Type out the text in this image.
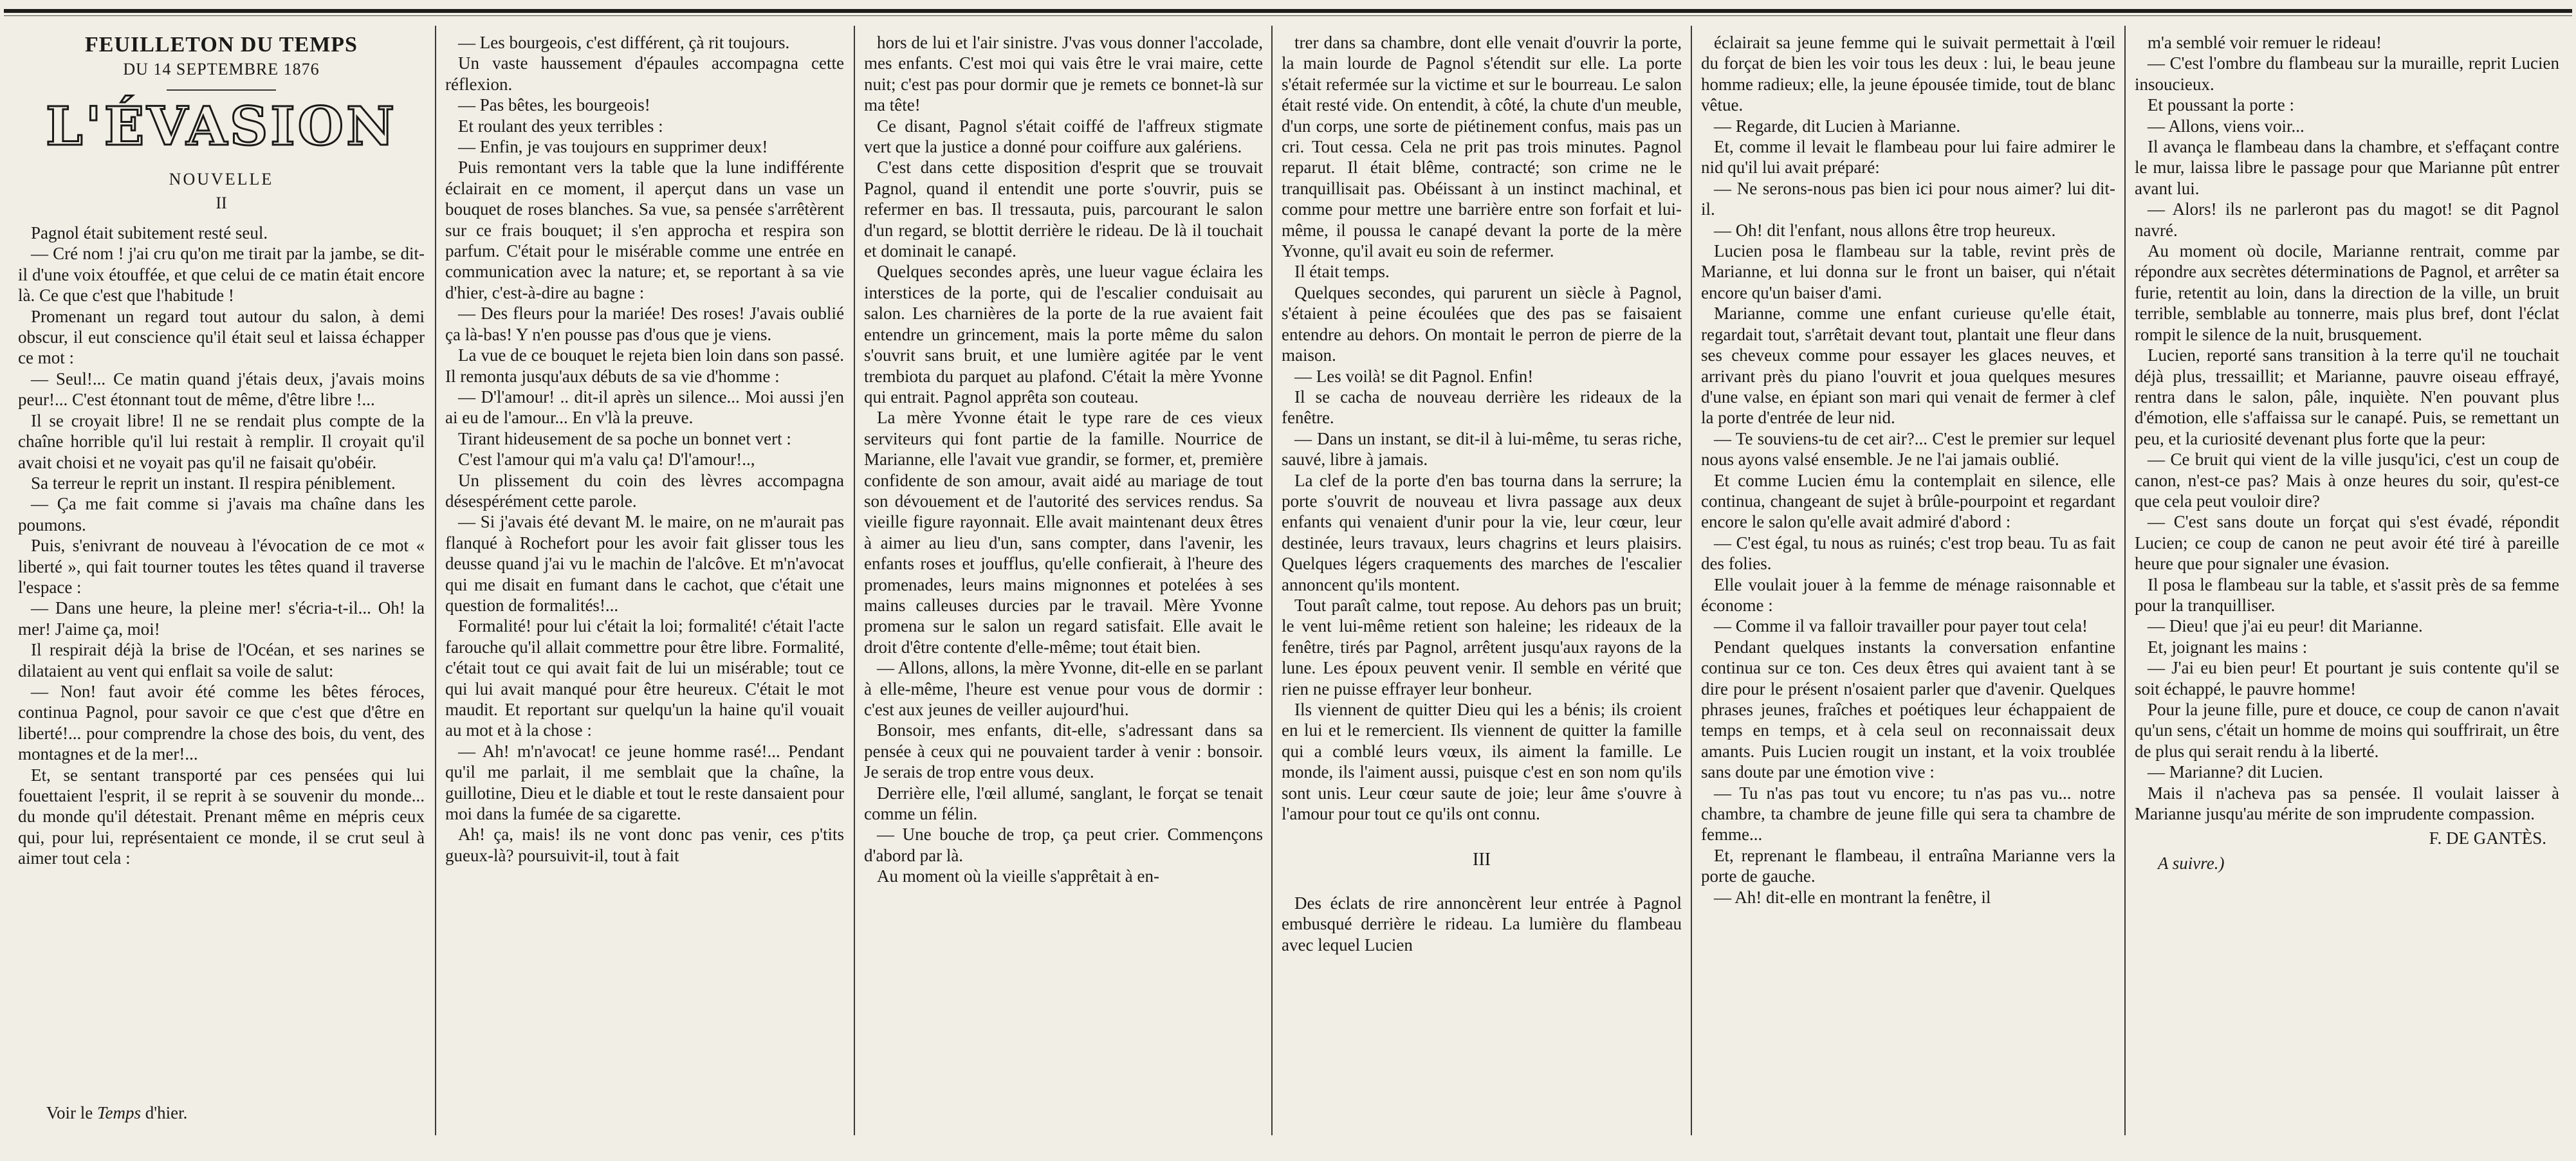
FEUILLETON DU TEMPS
DU 14 SEPTEMBRE 1876
L'ÉVASION
NOUVELLE
II

Pagnol était subitement resté seul.

— Cré nom ! j'ai cru qu'on me tirait par la jambe, se dit-il d'une voix étouffée, et que celui de ce matin était encore là. Ce que c'est que l'habitude !

Promenant un regard tout autour du salon, à demi obscur, il eut conscience qu'il était seul et laissa échapper ce mot :

— Seul!... Ce matin quand j'étais deux, j'avais moins peur!... C'est étonnant tout de même, d'être libre !...

Il se croyait libre! Il ne se rendait plus compte de la chaîne horrible qu'il lui restait à remplir. Il croyait qu'il avait choisi et ne voyait pas qu'il ne faisait qu'obéir.

Sa terreur le reprit un instant. Il respira péniblement.

— Ça me fait comme si j'avais ma chaîne dans les poumons.

Puis, s'enivrant de nouveau à l'évocation de ce mot « liberté », qui fait tourner toutes les têtes quand il traverse l'espace :

— Dans une heure, la pleine mer! s'écria-t-il... Oh! la mer! J'aime ça, moi!

Il respirait déjà la brise de l'Océan, et ses narines se dilataient au vent qui enflait sa voile de salut:

— Non! faut avoir été comme les bêtes féroces, continua Pagnol, pour savoir ce que c'est que d'être en liberté!... pour comprendre la chose des bois, du vent, des montagnes et de la mer!...

Et, se sentant transporté par ces pensées qui lui fouettaient l'esprit, il se reprit à se souvenir du monde... du monde qu'il détestait. Prenant même en mépris ceux qui, pour lui, représentaient ce monde, il se crut seul à aimer tout cela :

— Les bourgeois, c'est différent, çà rit toujours.

Un vaste haussement d'épaules accompagna cette réflexion.

— Pas bêtes, les bourgeois!

Et roulant des yeux terribles :

— Enfin, je vas toujours en supprimer deux!

Puis remontant vers la table que la lune indifférente éclairait en ce moment, il aperçut dans un vase un bouquet de roses blanches. Sa vue, sa pensée s'arrêtèrent sur ce frais bouquet; il s'en approcha et respira son parfum. C'était pour le misérable comme une entrée en communication avec la nature; et, se reportant à sa vie d'hier, c'est-à-dire au bagne :

— Des fleurs pour la mariée! Des roses! J'avais oublié ça là-bas! Y n'en pousse pas d'ous que je viens.

La vue de ce bouquet le rejeta bien loin dans son passé. Il remonta jusqu'aux débuts de sa vie d'homme :

— D'l'amour! .. dit-il après un silence... Moi aussi j'en ai eu de l'amour... En v'là la preuve.

Tirant hideusement de sa poche un bonnet vert :

C'est l'amour qui m'a valu ça! D'l'amour!..,

Un plissement du coin des lèvres accompagna désespérément cette parole.

— Si j'avais été devant M. le maire, on ne m'aurait pas flanqué à Rochefort pour les avoir fait glisser tous les deusse quand j'ai vu le machin de l'alcôve. Et m'n'avocat qui me disait en fumant dans le cachot, que c'était une question de formalités!...

Formalité! pour lui c'était la loi; formalité! c'était l'acte farouche qu'il allait commettre pour être libre. Formalité, c'était tout ce qui avait fait de lui un misérable; tout ce qui lui avait manqué pour être heureux. C'était le mot maudit. Et reportant sur quelqu'un la haine qu'il vouait au mot et à la chose :

— Ah! m'n'avocat! ce jeune homme rasé!... Pendant qu'il me parlait, il me semblait que la chaîne, la guillotine, Dieu et le diable et tout le reste dansaient pour moi dans la fumée de sa cigarette.

Ah! ça, mais! ils ne vont donc pas venir, ces p'tits gueux-là? poursuivit-il, tout à fait

hors de lui et l'air sinistre. J'vas vous donner l'accolade, mes enfants. C'est moi qui vais être le vrai maire, cette nuit; c'est pas pour dormir que je remets ce bonnet-là sur ma tête!

Ce disant, Pagnol s'était coiffé de l'affreux stigmate vert que la justice a donné pour coiffure aux galériens.

C'est dans cette disposition d'esprit que se trouvait Pagnol, quand il entendit une porte s'ouvrir, puis se refermer en bas. Il tressauta, puis, parcourant le salon d'un regard, se blottit derrière le rideau. De là il touchait et dominait le canapé.

Quelques secondes après, une lueur vague éclaira les interstices de la porte, qui de l'escalier conduisait au salon. Les charnières de la porte de la rue avaient fait entendre un grincement, mais la porte même du salon s'ouvrit sans bruit, et une lumière agitée par le vent trembiota du parquet au plafond. C'était la mère Yvonne qui entrait. Pagnol apprêta son couteau.

La mère Yvonne était le type rare de ces vieux serviteurs qui font partie de la famille. Nourrice de Marianne, elle l'avait vue grandir, se former, et, première confidente de son amour, avait aidé au mariage de tout son dévouement et de l'autorité des services rendus. Sa vieille figure rayonnait. Elle avait maintenant deux êtres à aimer au lieu d'un, sans compter, dans l'avenir, les enfants roses et joufflus, qu'elle confierait, à l'heure des promenades, leurs mains mignonnes et potelées à ses mains calleuses durcies par le travail. Mère Yvonne promena sur le salon un regard satisfait. Elle avait le droit d'être contente d'elle-même; tout était bien.

— Allons, allons, la mère Yvonne, dit-elle en se parlant à elle-même, l'heure est venue pour vous de dormir : c'est aux jeunes de veiller aujourd'hui.

Bonsoir, mes enfants, dit-elle, s'adressant dans sa pensée à ceux qui ne pouvaient tarder à venir : bonsoir. Je serais de trop entre vous deux.

Derrière elle, l'œil allumé, sanglant, le forçat se tenait comme un félin.

— Une bouche de trop, ça peut crier. Commençons d'abord par là.

Au moment où la vieille s'apprêtait à en-

trer dans sa chambre, dont elle venait d'ouvrir la porte, la main lourde de Pagnol s'étendit sur elle. La porte s'était refermée sur la victime et sur le bourreau. Le salon était resté vide. On entendit, à côté, la chute d'un meuble, d'un corps, une sorte de piétinement confus, mais pas un cri. Tout cessa. Cela ne prit pas trois minutes. Pagnol reparut. Il était blême, contracté; son crime ne le tranquillisait pas. Obéissant à un instinct machinal, et comme pour mettre une barrière entre son forfait et lui-même, il poussa le canapé devant la porte de la mère Yvonne, qu'il avait eu soin de refermer.

Il était temps.

Quelques secondes, qui parurent un siècle à Pagnol, s'étaient à peine écoulées que des pas se faisaient entendre au dehors. On montait le perron de pierre de la maison.

— Les voilà! se dit Pagnol. Enfin!

Il se cacha de nouveau derrière les rideaux de la fenêtre.

— Dans un instant, se dit-il à lui-même, tu seras riche, sauvé, libre à jamais.

La clef de la porte d'en bas tourna dans la serrure; la porte s'ouvrit de nouveau et livra passage aux deux enfants qui venaient d'unir pour la vie, leur cœur, leur destinée, leurs travaux, leurs chagrins et leurs plaisirs. Quelques légers craquements des marches de l'escalier annoncent qu'ils montent.

Tout paraît calme, tout repose. Au dehors pas un bruit; le vent lui-même retient son haleine; les rideaux de la fenêtre, tirés par Pagnol, arrêtent jusqu'aux rayons de la lune. Les époux peuvent venir. Il semble en vérité que rien ne puisse effrayer leur bonheur.

Ils viennent de quitter Dieu qui les a bénis; ils croient en lui et le remercient. Ils viennent de quitter la famille qui a comblé leurs vœux, ils aiment la famille. Le monde, ils l'aiment aussi, puisque c'est en son nom qu'ils sont unis. Leur cœur saute de joie; leur âme s'ouvre à l'amour pour tout ce qu'ils ont connu.

III

Des éclats de rire annoncèrent leur entrée à Pagnol embusqué derrière le rideau. La lumière du flambeau avec lequel Lucien

éclairait sa jeune femme qui le suivait permettait à l'œil du forçat de bien les voir tous les deux : lui, le beau jeune homme radieux; elle, la jeune épousée timide, tout de blanc vêtue.

— Regarde, dit Lucien à Marianne.

Et, comme il levait le flambeau pour lui faire admirer le nid qu'il lui avait préparé:

— Ne serons-nous pas bien ici pour nous aimer? lui dit-il.

— Oh! dit l'enfant, nous allons être trop heureux.

Lucien posa le flambeau sur la table, revint près de Marianne, et lui donna sur le front un baiser, qui n'était encore qu'un baiser d'ami.

Marianne, comme une enfant curieuse qu'elle était, regardait tout, s'arrêtait devant tout, plantait une fleur dans ses cheveux comme pour essayer les glaces neuves, et arrivant près du piano l'ouvrit et joua quelques mesures d'une valse, en épiant son mari qui venait de fermer à clef la porte d'entrée de leur nid.

— Te souviens-tu de cet air?... C'est le premier sur lequel nous ayons valsé ensemble. Je ne l'ai jamais oublié.

Et comme Lucien ému la contemplait en silence, elle continua, changeant de sujet à brûle-pourpoint et regardant encore le salon qu'elle avait admiré d'abord :

— C'est égal, tu nous as ruinés; c'est trop beau. Tu as fait des folies.

Elle voulait jouer à la femme de ménage raisonnable et économe :

— Comme il va falloir travailler pour payer tout cela!

Pendant quelques instants la conversation enfantine continua sur ce ton. Ces deux êtres qui avaient tant à se dire pour le présent n'osaient parler que d'avenir. Quelques phrases jeunes, fraîches et poétiques leur échappaient de temps en temps, et à cela seul on reconnaissait deux amants. Puis Lucien rougit un instant, et la voix troublée sans doute par une émotion vive :

— Tu n'as pas tout vu encore; tu n'as pas vu... notre chambre, ta chambre de jeune fille qui sera ta chambre de femme...

Et, reprenant le flambeau, il entraîna Marianne vers la porte de gauche.

— Ah! dit-elle en montrant la fenêtre, il

m'a semblé voir remuer le rideau!

— C'est l'ombre du flambeau sur la muraille, reprit Lucien insoucieux.

Et poussant la porte :

— Allons, viens voir...

Il avança le flambeau dans la chambre, et s'effaçant contre le mur, laissa libre le passage pour que Marianne pût entrer avant lui.

— Alors! ils ne parleront pas du magot! se dit Pagnol navré.

Au moment où docile, Marianne rentrait, comme par répondre aux secrètes déterminations de Pagnol, et arrêter sa furie, retentit au loin, dans la direction de la ville, un bruit terrible, semblable au tonnerre, mais plus bref, dont l'éclat rompit le silence de la nuit, brusquement.

Lucien, reporté sans transition à la terre qu'il ne touchait déjà plus, tressaillit; et Marianne, pauvre oiseau effrayé, rentra dans le salon, pâle, inquiète. N'en pouvant plus d'émotion, elle s'affaissa sur le canapé. Puis, se remettant un peu, et la curiosité devenant plus forte que la peur:

— Ce bruit qui vient de la ville jusqu'ici, c'est un coup de canon, n'est-ce pas? Mais à onze heures du soir, qu'est-ce que cela peut vouloir dire?

— C'est sans doute un forçat qui s'est évadé, répondit Lucien; ce coup de canon ne peut avoir été tiré à pareille heure que pour signaler une évasion.

Il posa le flambeau sur la table, et s'assit près de sa femme pour la tranquilliser.

— Dieu! que j'ai eu peur! dit Marianne.

Et, joignant les mains :

— J'ai eu bien peur! Et pourtant je suis contente qu'il se soit échappé, le pauvre homme!

Pour la jeune fille, pure et douce, ce coup de canon n'avait qu'un sens, c'était un homme de moins qui souffrirait, un être de plus qui serait rendu à la liberté.

— Marianne? dit Lucien.

Mais il n'acheva pas sa pensée. Il voulait laisser à Marianne jusqu'au mérite de son imprudente compassion.

F. DE GANTÈS.

A suivre.)

Voir le Temps d'hier.
